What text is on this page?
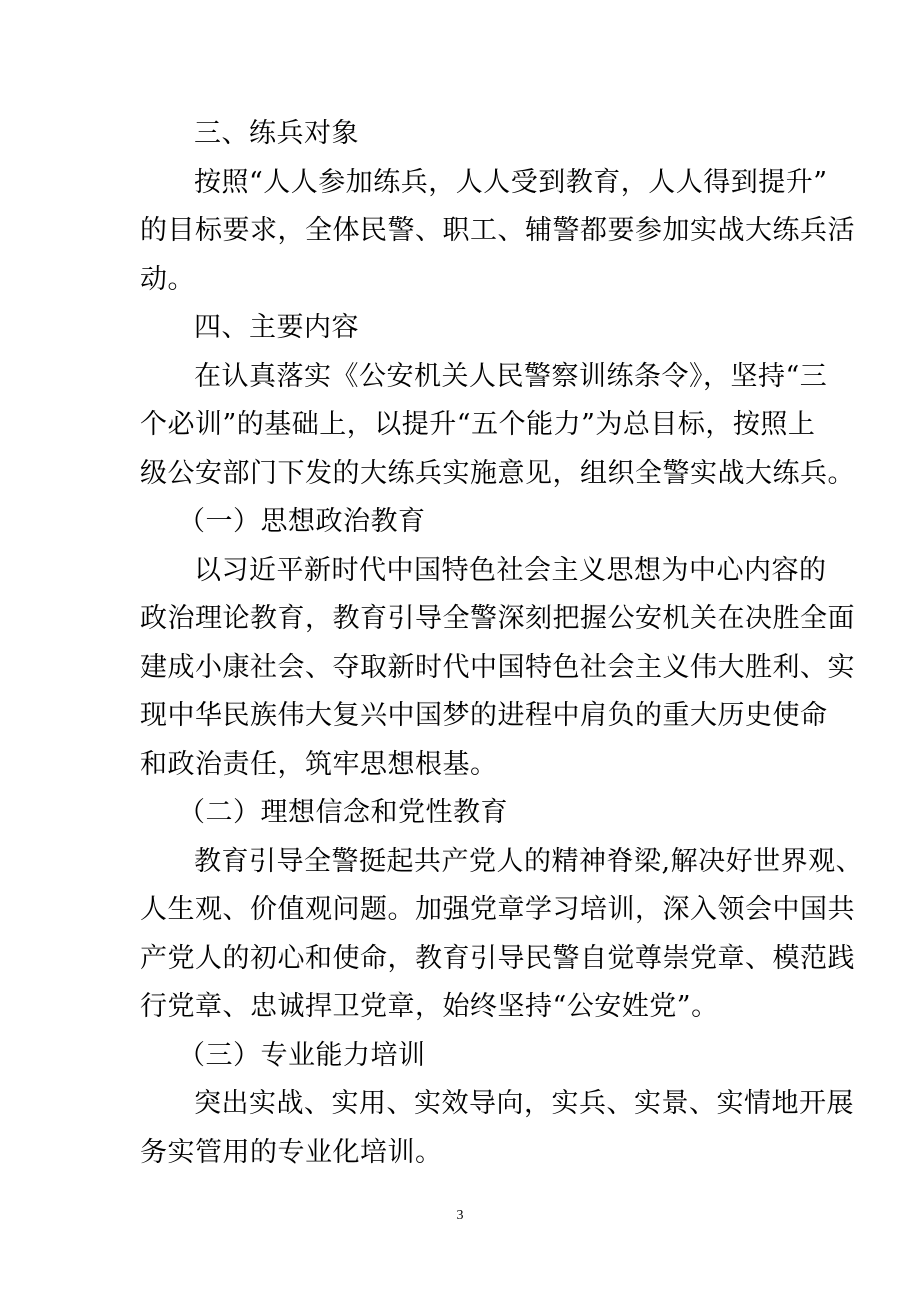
三、练兵对象
按照“人人参加练兵，人人受到教育，人人得到提升”
的目标要求，全体民警、职工、辅警都要参加实战大练兵活
动。
四、主要内容
在认真落实《公安机关人民警察训练条令》，坚持“三
个必训”的基础上，以提升“五个能力”为总目标，按照上
级公安部门下发的大练兵实施意见，组织全警实战大练兵。
（一）思想政治教育
以习近平新时代中国特色社会主义思想为中心内容的
政治理论教育，教育引导全警深刻把握公安机关在决胜全面
建成小康社会、夺取新时代中国特色社会主义伟大胜利、实
现中华民族伟大复兴中国梦的进程中肩负的重大历史使命
和政治责任，筑牢思想根基。
（二）理想信念和党性教育
教育引导全警挺起共产党人的精神脊梁,解决好世界观、
人生观、价值观问题。加强党章学习培训，深入领会中国共
产党人的初心和使命，教育引导民警自觉尊崇党章、模范践
行党章、忠诚捍卫党章，始终坚持“公安姓党”。
（三）专业能力培训
突出实战、实用、实效导向，实兵、实景、实情地开展
务实管用的专业化培训。
3
